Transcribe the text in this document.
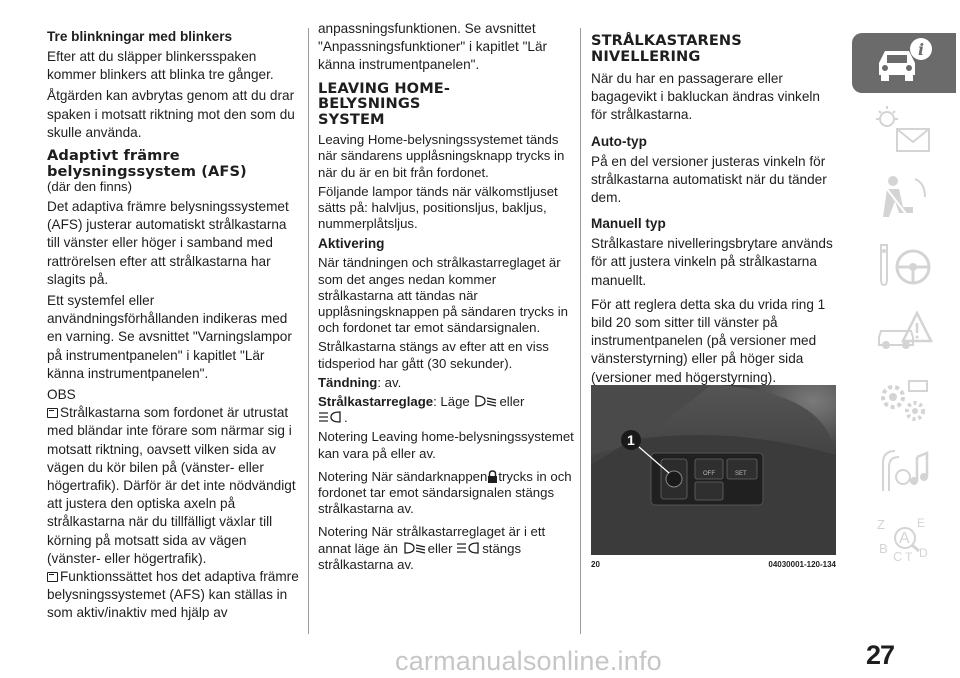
Tre blinkningar med blinkers

Efter att du släpper blinkersspaken kommer blinkers att blinka tre gånger.

Åtgärden kan avbrytas genom att du drar spaken i motsatt riktning mot den som du skulle använda.

Adaptivt främre belysningssystem (AFS)
(där den finns)

Det adaptiva främre belysningssystemet (AFS) justerar automatiskt strålkastarna till vänster eller höger i samband med rattrörelsen efter att strålkastarna har slagits på.

Ett systemfel eller användningsförhållanden indikeras med en varning. Se avsnittet "Varningslampor på instrumentpanelen" i kapitlet "Lär känna instrumentpanelen".

OBS

Strålkastarna som fordonet är utrustat med bländar inte förare som närmar sig i motsatt riktning, oavsett vilken sida av vägen du kör bilen på (vänster- eller högertrafik). Därför är det inte nödvändigt att justera den optiska axeln på strålkastarna när du tillfälligt växlar till körning på motsatt sida av vägen (vänster- eller högertrafik).

Funktionssättet hos det adaptiva främre belysningssystemet (AFS) kan ställas in som aktiv/inaktiv med hjälp av

anpassningsfunktionen. Se avsnittet "Anpassningsfunktioner" i kapitlet "Lär känna instrumentpanelen".

LEAVING HOME-BELYSNINGS SYSTEM

Leaving Home-belysningssystemet tänds när sändarens upplåsningsknapp trycks in när du är en bit från fordonet.

Följande lampor tänds när välkomstljuset sätts på: halvljus, positionsljus, bakljus, nummerplåtsljus.

Aktivering

När tändningen och strålkastarreglaget är som det anges nedan kommer strålkastarna att tändas när upplåsningsknappen på sändaren trycks in och fordonet tar emot sändarsignalen.

Strålkastarna stängs av efter att en viss tidsperiod har gått (30 sekunder).

Tändning: av.

Strålkastarreglage: Läge eller
.

Notering Leaving home-belysningssystemet kan vara på eller av.

Notering När sändarknappen trycks in och fordonet tar emot sändarsignalen stängs strålkastarna av.

Notering När strålkastarreglaget är i ett annat läge än eller stängs strålkastarna av.

STRÅLKASTARENS NIVELLERING

När du har en passagerare eller bagagevikt i bakluckan ändras vinkeln för strålkastarna.

Auto-typ

På en del versioner justeras vinkeln för strålkastarna automatiskt när du tänder dem.

Manuell typ

Strålkastare nivelleringsbrytare används för att justera vinkeln på strålkastarna manuellt.

För att reglera detta ska du vrida ring 1 bild 20 som sitter till vänster på instrumentpanelen (på versioner med vänsterstyrning) eller på höger sida (versioner med högerstyrning).

OFF	SET
1
20	04030001-120-134
i
Z	E
B
C T
A
D
carmanualsonline.info	27
